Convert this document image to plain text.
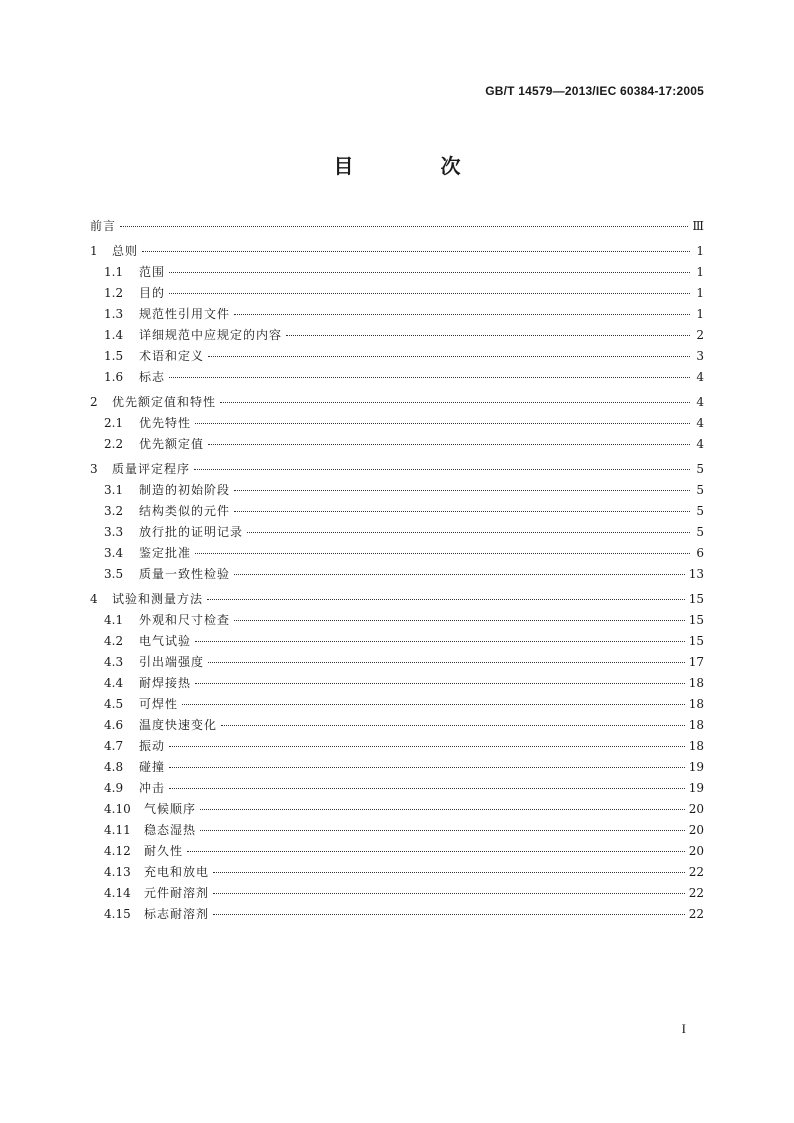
GB/T 14579—2013/IEC 60384-17:2005
目 次
前言	Ⅲ
1	总则	1
1.1	范围	1
1.2	目的	1
1.3	规范性引用文件	1
1.4	详细规范中应规定的内容	2
1.5	术语和定义	3
1.6	标志	4
2	优先额定值和特性	4
2.1	优先特性	4
2.2	优先额定值	4
3	质量评定程序	5
3.1	制造的初始阶段	5
3.2	结构类似的元件	5
3.3	放行批的证明记录	5
3.4	鉴定批准	6
3.5	质量一致性检验	13
4	试验和测量方法	15
4.1	外观和尺寸检查	15
4.2	电气试验	15
4.3	引出端强度	17
4.4	耐焊接热	18
4.5	可焊性	18
4.6	温度快速变化	18
4.7	振动	18
4.8	碰撞	19
4.9	冲击	19
4.10	气候顺序	20
4.11	稳态湿热	20
4.12	耐久性	20
4.13	充电和放电	22
4.14	元件耐溶剂	22
4.15	标志耐溶剂	22
I
